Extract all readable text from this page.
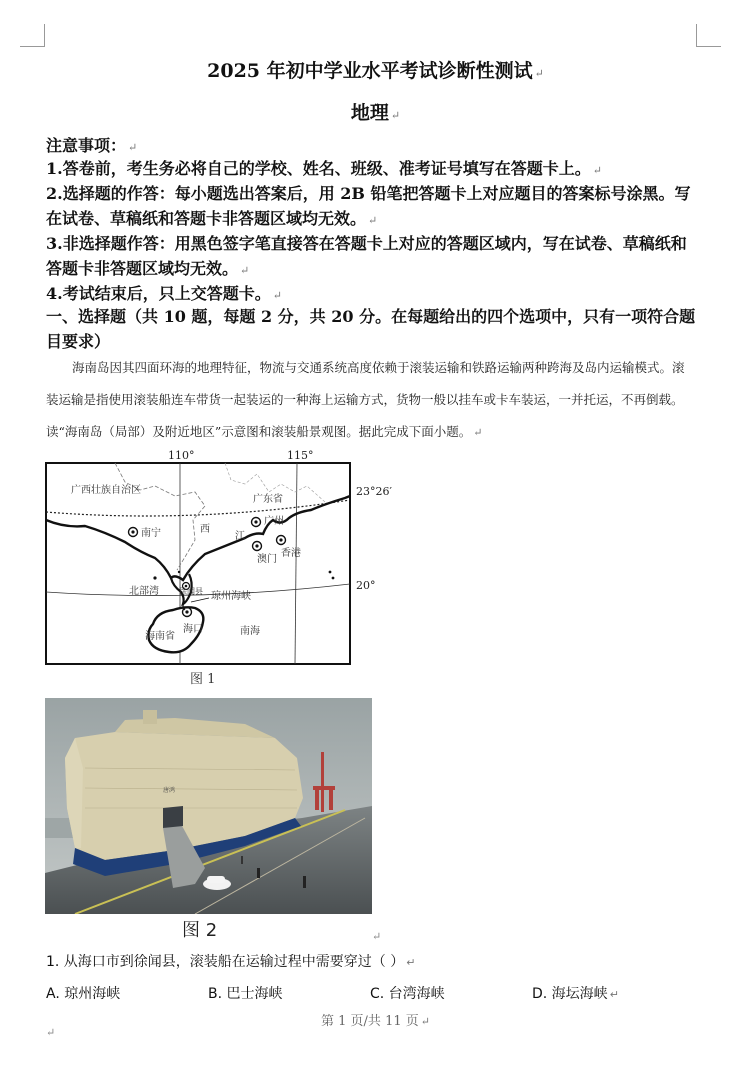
2025 年初中学业水平考试诊断性测试 ↵
地理 ↵
注意事项： ↵
1.答卷前，考生务必将自己的学校、姓名、班级、准考证号填写在答题卡上。 ↵
2.选择题的作答：每小题选出答案后，用 2B 铅笔把答题卡上对应题目的答案标号涂黑。写在试卷、草稿纸和答题卡非答题区域均无效。 ↵
3.非选择题作答：用黑色签字笔直接答在答题卡上对应的答题区域内，写在试卷、草稿纸和答题卡非答题区域均无效。 ↵
4.考试结束后，只上交答题卡。 ↵
一、选择题（共 10 题，每题 2 分，共 20 分。在每题给出的四个选项中，只有一项符合题目要求）
海南岛因其四面环海的地理特征，物流与交通系统高度依赖于滚装运输和铁路运输两种跨海及岛内运输模式。滚装运输是指使用滚装船连车带货一起装运的一种海上运输方式，货物一般以挂车或卡车装运，一并托运，不再倒载。读“海南岛（局部）及附近地区”示意图和滚装船景观图。据此完成下面小题。 ↵
广西壮族自治区
广东省
南宁
广州
西
江
澳门
香港
北部湾	徐闻县 琼州海峡
海口
海南省	南海
110°	115°
23°26′
20°
图 1
唐鸿
图 2	↵
1. 从海口市到徐闻县，滚装船在运输过程中需要穿过（ ） ↵
A. 琼州海峡	B. 巴士海峡	C. 台湾海峡	D. 海坛海峡 ↵
第 1 页/共 11 页 ↵
↵
